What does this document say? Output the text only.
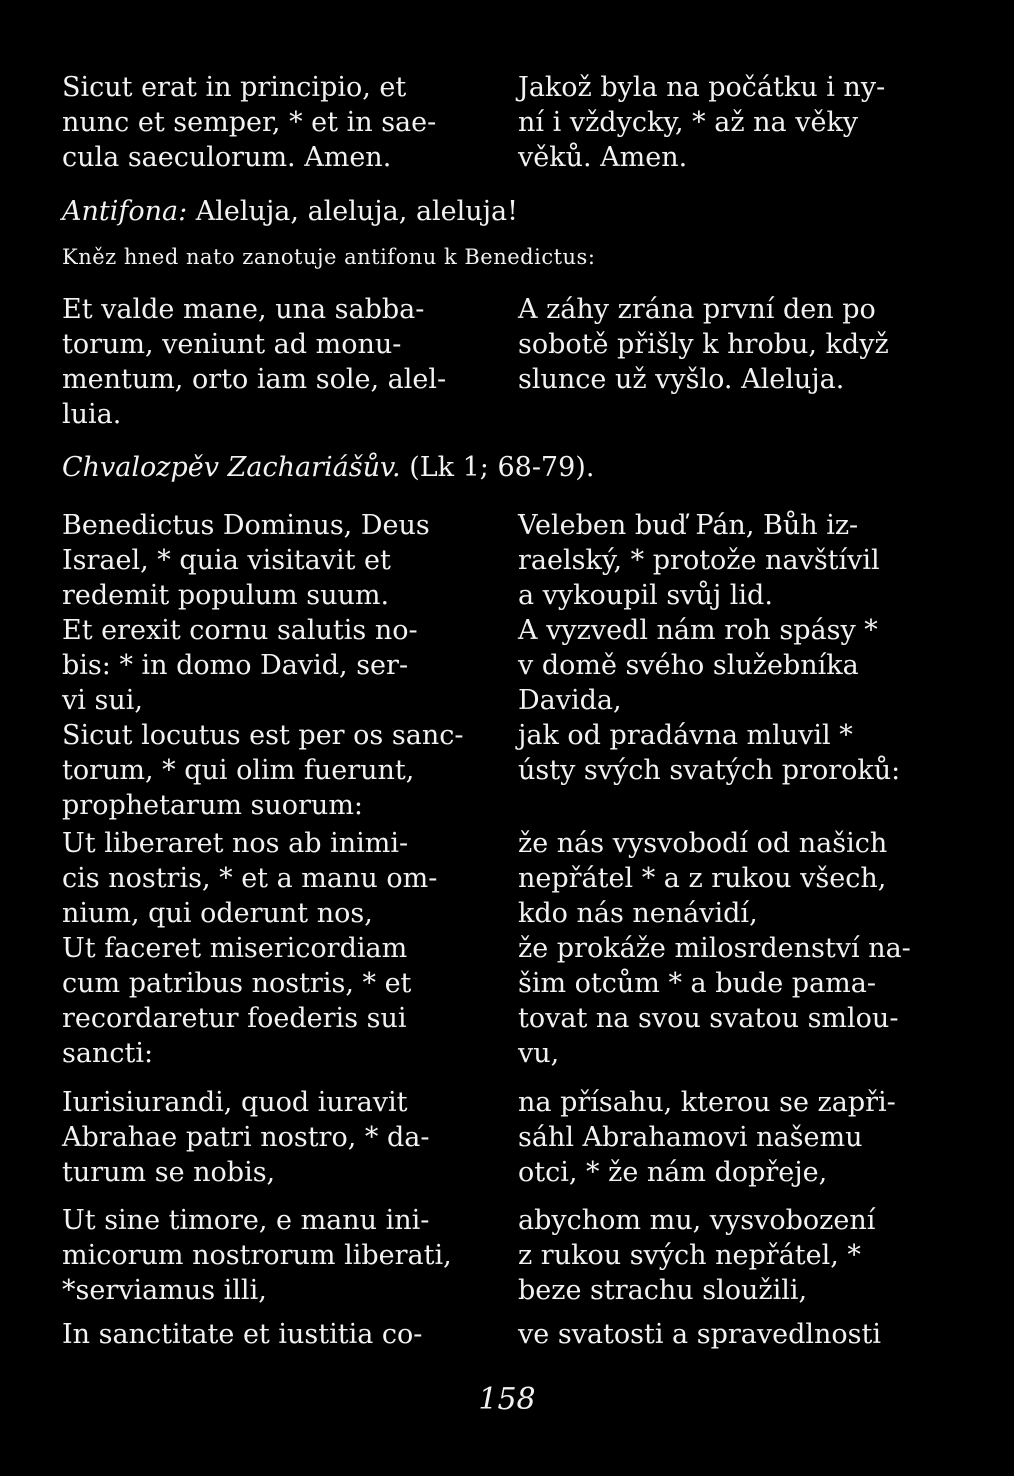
Sicut erat in principio, et
nunc et semper, * et in sae-
cula saeculorum. Amen.
Jakož byla na počátku i ny-
ní i vždycky, * až na věky
věků. Amen.
Antifona: Aleluja, aleluja, aleluja!
Kněz hned nato zanotuje antifonu k Benedictus:
Et valde mane, una sabba-
torum, veniunt ad monu-
mentum, orto iam sole, alel-
luia.
A záhy zrána první den po
sobotě přišly k hrobu, když
slunce už vyšlo. Aleluja.
Chvalozpěv Zachariášův. (Lk 1; 68-79).
Benedictus Dominus, Deus
Israel, * quia visitavit et
redemit populum suum.
Veleben buď Pán, Bůh iz-
raelský, * protože navštívil
a vykoupil svůj lid.
Et erexit cornu salutis no-
bis: * in domo David, ser-
vi sui,
A vyzvedl nám roh spásy *
v domě svého služebníka
Davida,
Sicut locutus est per os sanc-
torum, * qui olim fuerunt,
prophetarum suorum:
jak od pradávna mluvil *
ústy svých svatých proroků:
Ut liberaret nos ab inimi-
cis nostris, * et a manu om-
nium, qui oderunt nos,
že nás vysvobodí od našich
nepřátel * a z rukou všech,
kdo nás nenávidí,
Ut faceret misericordiam
cum patribus nostris, * et
recordaretur foederis sui
sancti:
že prokáže milosrdenství na-
šim otcům * a bude pama-
tovat na svou svatou smlou-
vu,
Iurisiurandi, quod iuravit
Abrahae patri nostro, * da-
turum se nobis,
na přísahu, kterou se zapři-
sáhl Abrahamovi našemu
otci, * že nám dopřeje,
Ut sine timore, e manu ini-
micorum nostrorum liberati,
*serviamus illi,
abychom mu, vysvobození
z rukou svých nepřátel, *
beze strachu sloužili,
In sanctitate et iustitia co-	ve svatosti a spravedlnosti
158
